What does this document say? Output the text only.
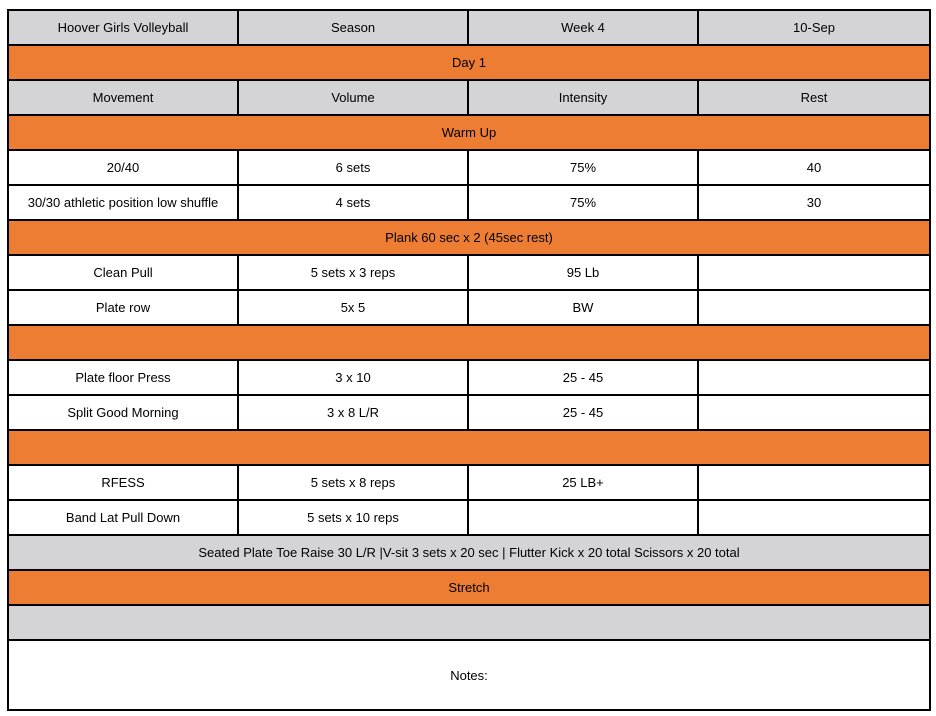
Hoover Girls Volleyball	Season	Week 4	10-Sep
Day 1			
Movement	Volume	Intensity	Rest
Warm Up			
20/40	6 sets	75%	40
30/30 athletic position low shuffle	4 sets	75%	30
Plank 60 sec x 2 (45sec rest)			
Clean Pull	5 sets x 3 reps	95 Lb	
Plate row	5x 5	BW	

Plate floor Press	3 x 10	25 - 45	
Split Good Morning	3 x 8 L/R	25 - 45	

RFESS	5 sets x 8 reps	25 LB+	
Band Lat Pull Down	5 sets x 10 reps		
Seated Plate Toe Raise 30 L/R |V-sit 3 sets x 20 sec | Flutter Kick x 20 total Scissors x 20 total			
Stretch			

Notes:			
